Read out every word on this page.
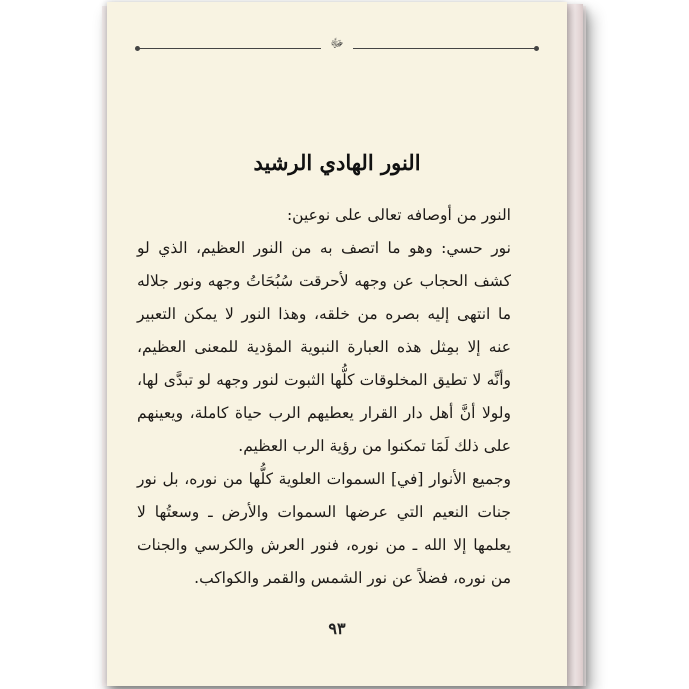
ﷻ
النور الهادي الرشيد

النور من أوصافه تعالى على نوعين:

نور حسي: وهو ما اتصف به من النور العظيم، الذي لو كشف الحجاب عن وجهه لأحرقت سُبُحَاتُ وجهه ونور جلاله ما انتهى إليه بصره من خلقه، وهذا النور لا يمكن التعبير عنه إلا بمِثل هذه العبارة النبوية المؤدية للمعنى العظيم، وأنَّه لا تطيق المخلوقات كلُّها الثبوت لنور وجهه لو تبدَّى لها، ولولا أنَّ أهل دار القرار يعطيهم الرب حياة كاملة، ويعينهم على ذلك لَمَا تمكنوا من رؤية الرب العظيم.

وجميع الأنوار [في] السموات العلوية كلُّها من نوره، بل نور جنات النعيم التي عرضها السموات والأرض ـ وسعتُها لا يعلمها إلا الله ـ من نوره، فنور العرش والكرسي والجنات من نوره، فضلاً عن نور الشمس والقمر والكواكب.

٩٣
